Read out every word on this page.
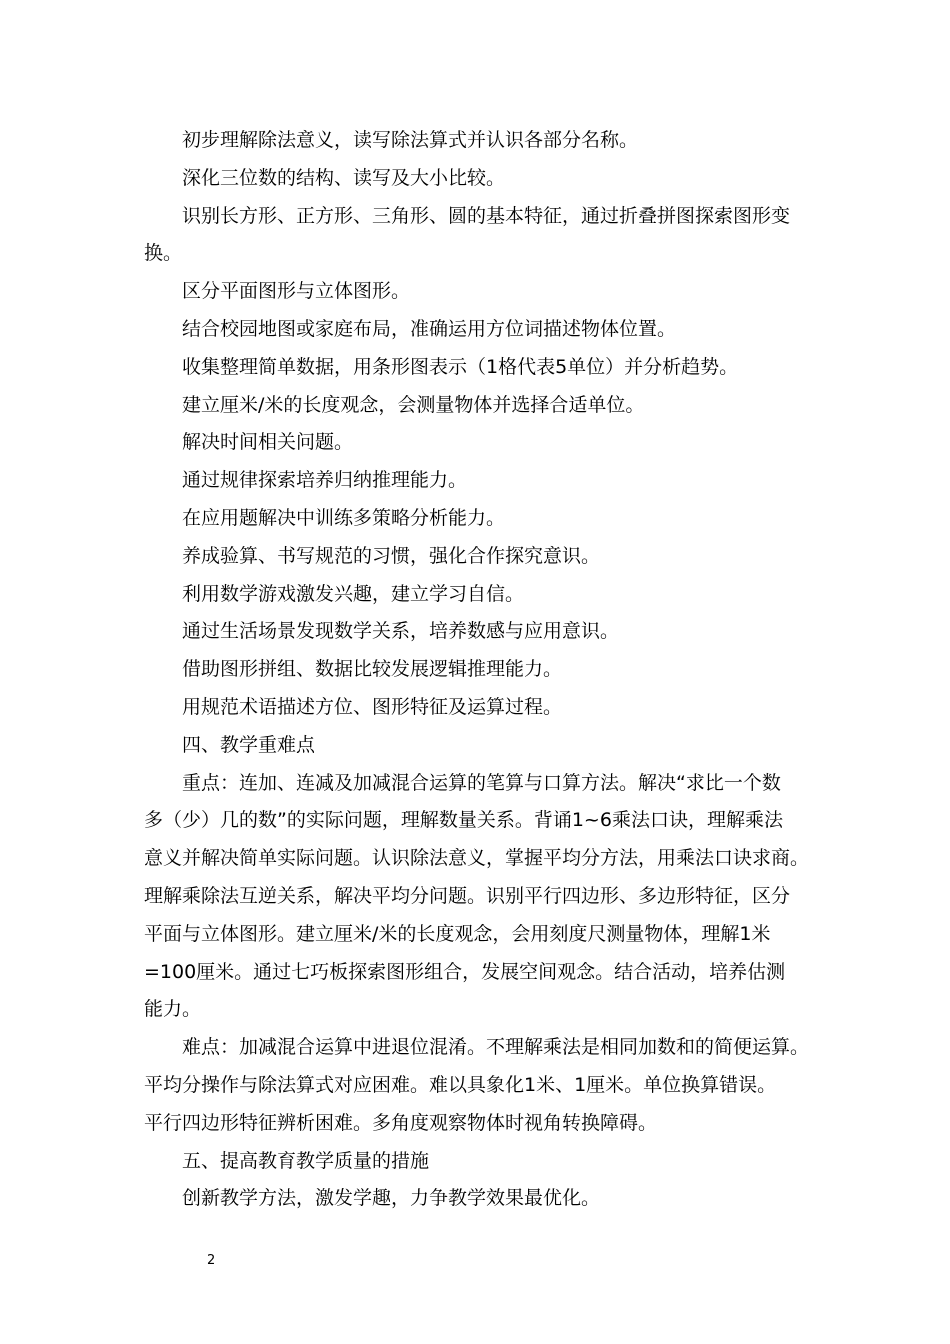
初步理解除法意义，读写除法算式并认识各部分名称。

深化三位数的结构、读写及大小比较。

识别长方形、正方形、三角形、圆的基本特征，通过折叠拼图探索图形变
换。

区分平面图形与立体图形。

结合校园地图或家庭布局，准确运用方位词描述物体位置。

收集整理简单数据，用条形图表示（1格代表5单位）并分析趋势。

建立厘米/米的长度观念，会测量物体并选择合适单位。

解决时间相关问题。

通过规律探索培养归纳推理能力。

在应用题解决中训练多策略分析能力。

养成验算、书写规范的习惯，强化合作探究意识。

利用数学游戏激发兴趣，建立学习自信。

通过生活场景发现数学关系，培养数感与应用意识。

借助图形拼组、数据比较发展逻辑推理能力。

用规范术语描述方位、图形特征及运算过程。

四、教学重难点

重点：连加、连减及加减混合运算的笔算与口算方法。解决“求比一个数
多（少）几的数”的实际问题，理解数量关系。背诵1~6乘法口诀，理解乘法
意义并解决简单实际问题。认识除法意义，掌握平均分方法，用乘法口诀求商。
理解乘除法互逆关系，解决平均分问题。识别平行四边形、多边形特征，区分
平面与立体图形。建立厘米/米的长度观念，会用刻度尺测量物体，理解1米
=100厘米。通过七巧板探索图形组合，发展空间观念。结合活动，培养估测
能力。

难点：加减混合运算中进退位混淆。不理解乘法是相同加数和的简便运算。
平均分操作与除法算式对应困难。难以具象化1米、1厘米。单位换算错误。
平行四边形特征辨析困难。多角度观察物体时视角转换障碍。

五、提高教育教学质量的措施

创新教学方法，激发学趣，力争教学效果最优化。

2
